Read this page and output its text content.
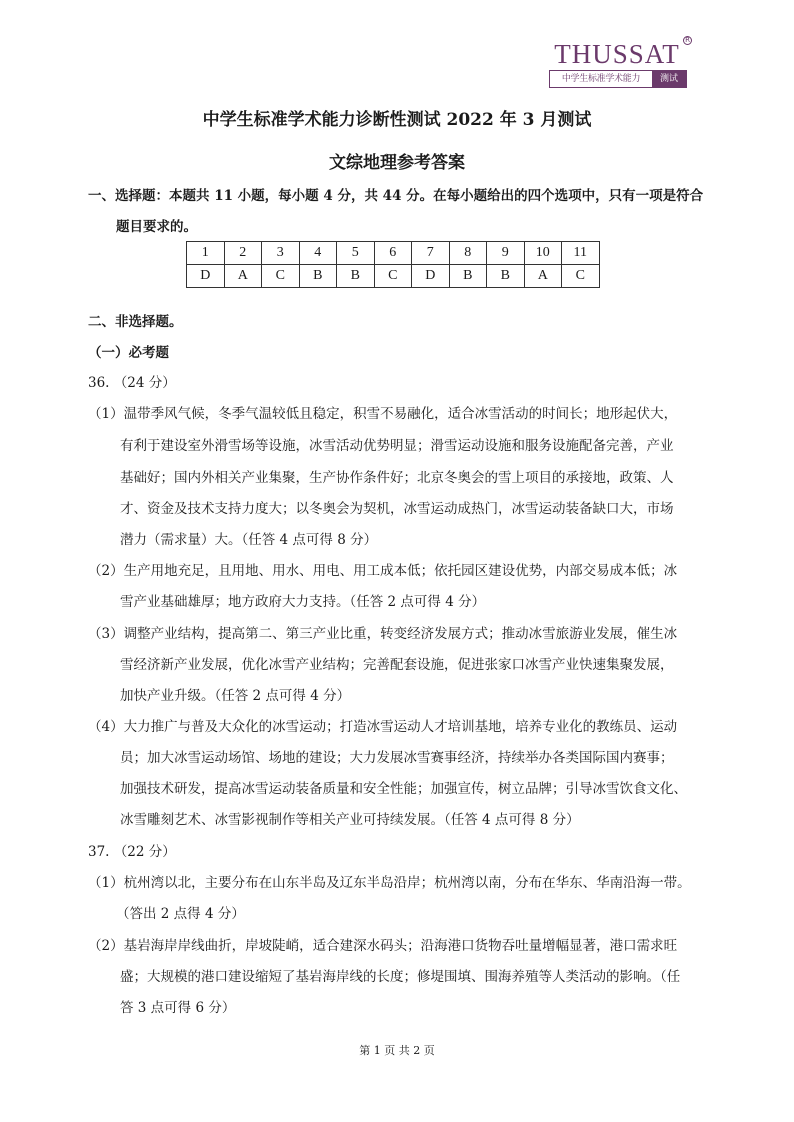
THUSSAT R
中学生标准学术能力	测试
中学生标准学术能力诊断性测试 2022 年 3 月测试
文综地理参考答案
一、选择题：本题共 11 小题，每小题 4 分，共 44 分。在每小题给出的四个选项中，只有一项是符合
题目要求的。
1	2	3	4	5	6	7	8	9	10	11
D	A	C	B	B	C	D	B	B	A	C
二、非选择题。
（一）必考题
36. （24 分）
（1）温带季风气候，冬季气温较低且稳定，积雪不易融化，适合冰雪活动的时间长；地形起伏大，
有利于建设室外滑雪场等设施，冰雪活动优势明显；滑雪运动设施和服务设施配备完善，产业
基础好；国内外相关产业集聚，生产协作条件好；北京冬奥会的雪上项目的承接地，政策、人
才、资金及技术支持力度大；以冬奥会为契机，冰雪运动成热门，冰雪运动装备缺口大，市场
潜力（需求量）大。（任答 4 点可得 8 分）
（2）生产用地充足，且用地、用水、用电、用工成本低；依托园区建设优势，内部交易成本低；冰
雪产业基础雄厚；地方政府大力支持。（任答 2 点可得 4 分）
（3）调整产业结构，提高第二、第三产业比重，转变经济发展方式；推动冰雪旅游业发展，催生冰
雪经济新产业发展，优化冰雪产业结构；完善配套设施，促进张家口冰雪产业快速集聚发展，
加快产业升级。（任答 2 点可得 4 分）
（4）大力推广与普及大众化的冰雪运动；打造冰雪运动人才培训基地，培养专业化的教练员、运动
员；加大冰雪运动场馆、场地的建设；大力发展冰雪赛事经济，持续举办各类国际国内赛事；
加强技术研发，提高冰雪运动装备质量和安全性能；加强宣传，树立品牌；引导冰雪饮食文化、
冰雪雕刻艺术、冰雪影视制作等相关产业可持续发展。（任答 4 点可得 8 分）
37. （22 分）
（1）杭州湾以北，主要分布在山东半岛及辽东半岛沿岸；杭州湾以南，分布在华东、华南沿海一带。
（答出 2 点得 4 分）
（2）基岩海岸岸线曲折，岸坡陡峭，适合建深水码头；沿海港口货物吞吐量增幅显著，港口需求旺
盛；大规模的港口建设缩短了基岩海岸线的长度；修堤围填、围海养殖等人类活动的影响。（任
答 3 点可得 6 分）
第 1 页 共 2 页
